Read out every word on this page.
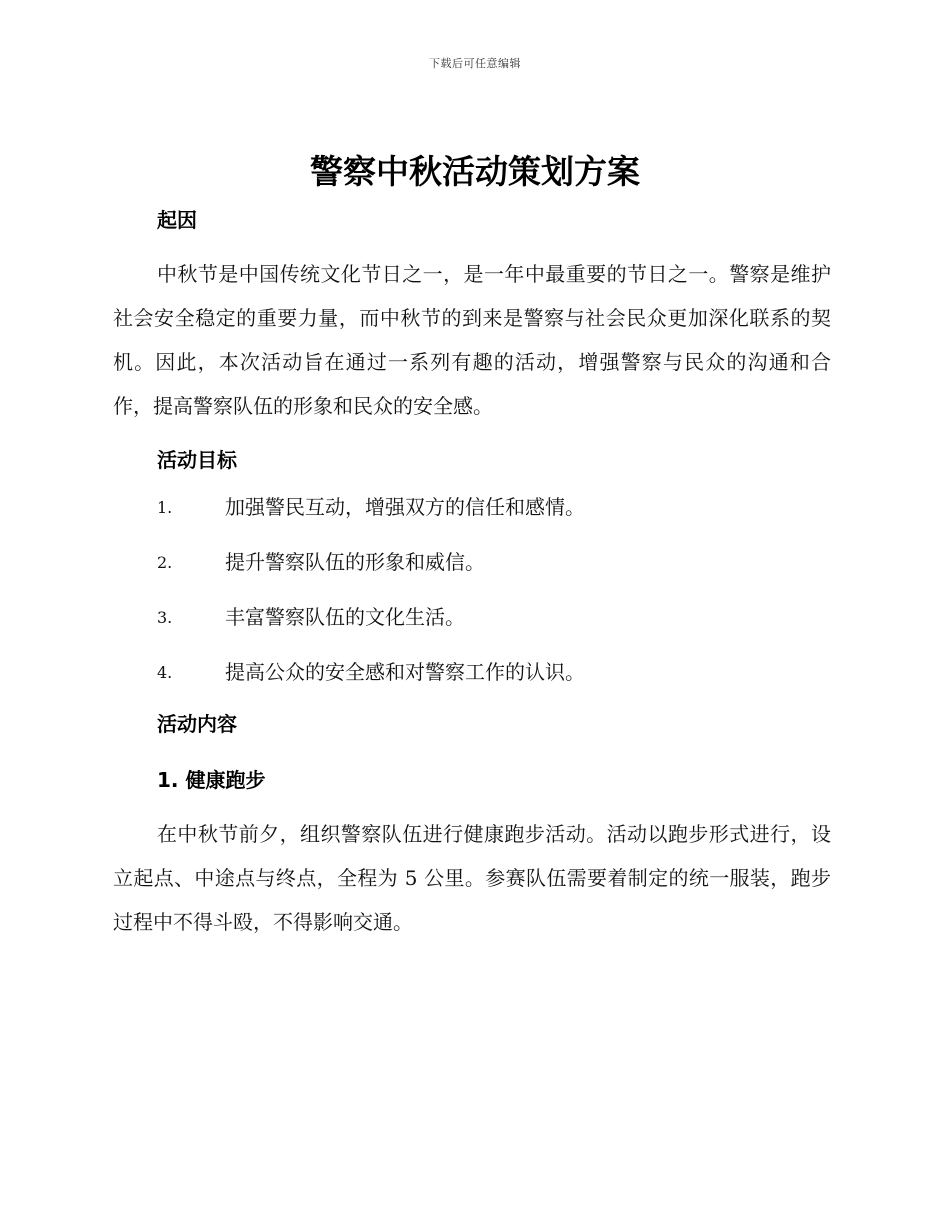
下载后可任意编辑
警察中秋活动策划方案
起因

中秋节是中国传统文化节日之一，是一年中最重要的节日之一。警察是维护社会安全稳定的重要力量，而中秋节的到来是警察与社会民众更加深化联系的契机。因此，本次活动旨在通过一系列有趣的活动，增强警察与民众的沟通和合作，提高警察队伍的形象和民众的安全感。

活动目标
1.	加强警民互动，增强双方的信任和感情。
2.	提升警察队伍的形象和威信。
3.	丰富警察队伍的文化生活。
4.	提高公众的安全感和对警察工作的认识。
活动内容
1. 健康跑步

在中秋节前夕，组织警察队伍进行健康跑步活动。活动以跑步形式进行，设立起点、中途点与终点，全程为 5 公里。参赛队伍需要着制定的统一服装，跑步过程中不得斗殴，不得影响交通。
